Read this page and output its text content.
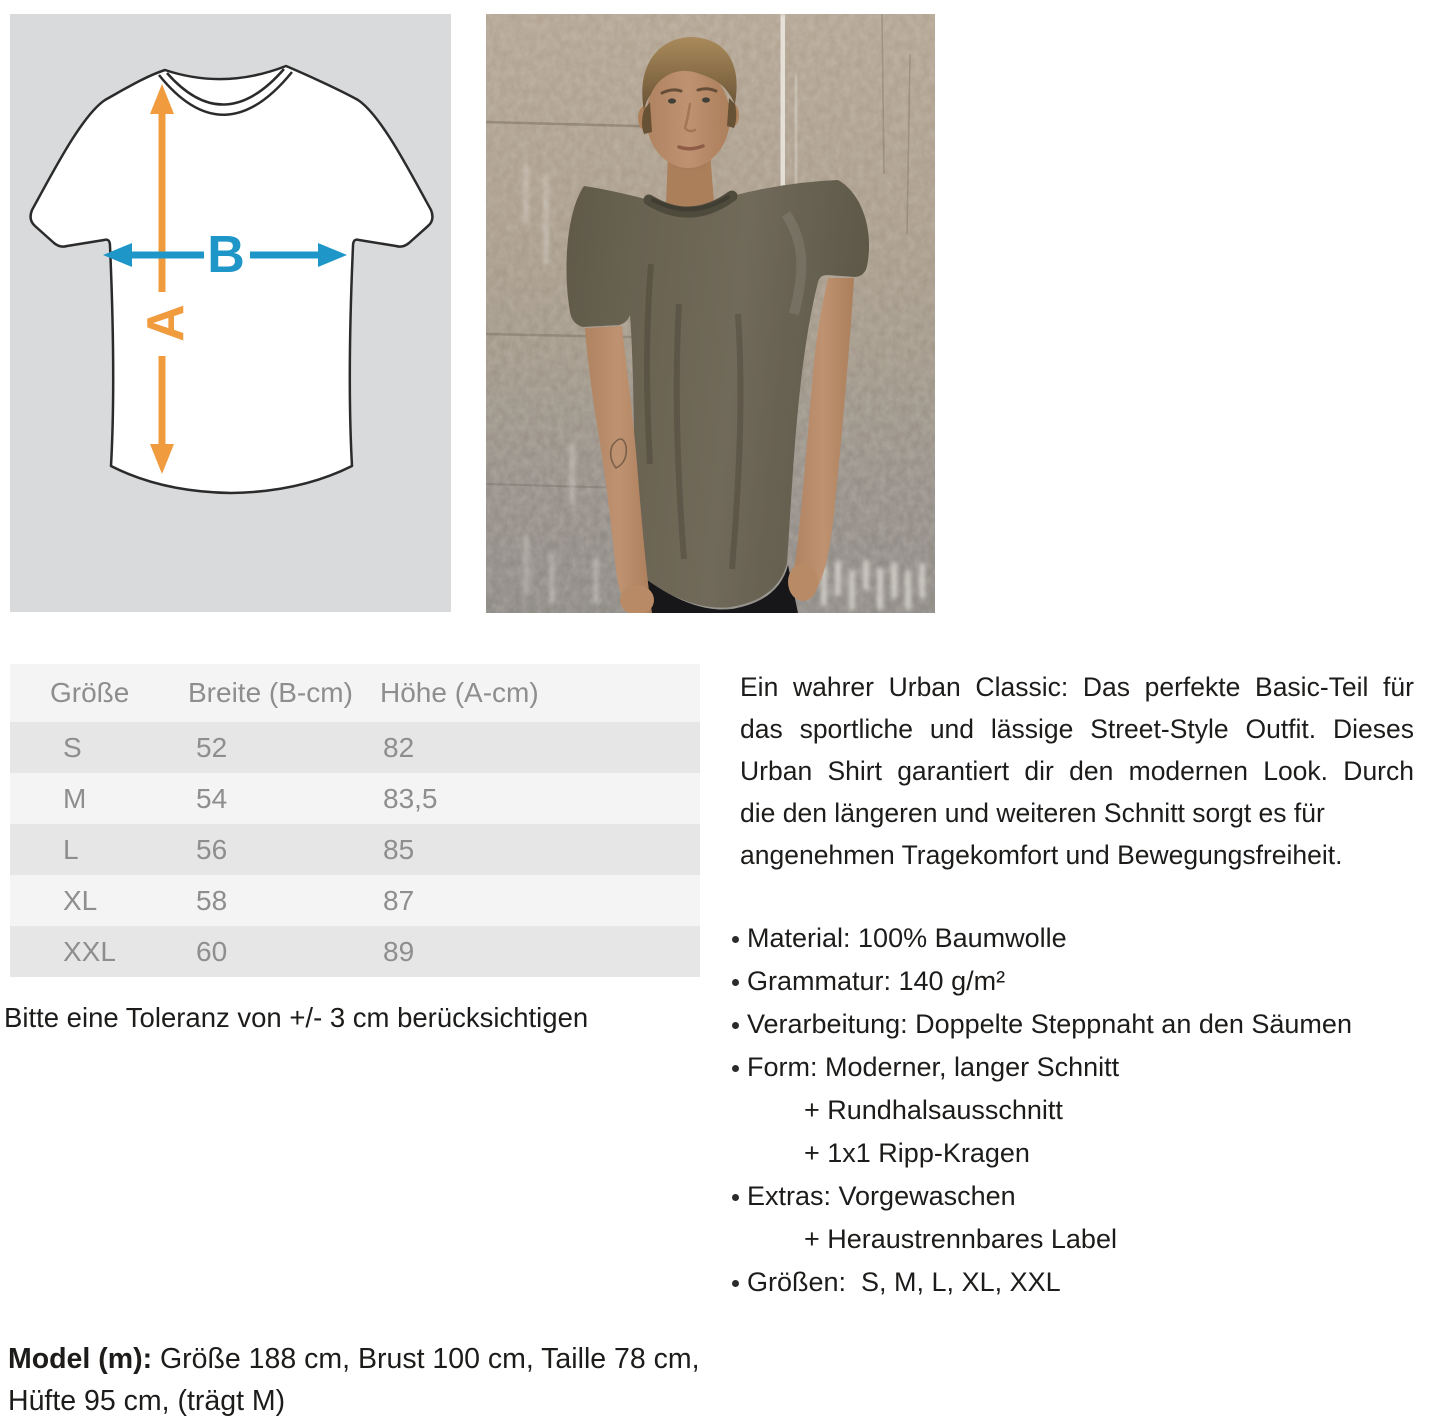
A
B
Größe	Breite (B-cm) Höhe (A-cm)
S	52	82
M	54	83,5
L	56	85
XL	58	87
XXL	60	89
Bitte eine Toleranz von +/- 3 cm berücksichtigen
Ein wahrer Urban Classic: Das perfekte Basic-Teil für
das sportliche und lässige Street-Style Outfit. Dieses
Urban Shirt garantiert dir den modernen Look. Durch
die den längeren und weiteren Schnitt sorgt es für
angenehmen Tragekomfort und Bewegungsfreiheit.
Material: 100% Baumwolle
Grammatur: 140 g/m²
Verarbeitung: Doppelte Steppnaht an den Säumen
Form: Moderner, langer Schnitt
+ Rundhalsausschnitt
+ 1x1 Ripp-Kragen
Extras: Vorgewaschen
+ Heraustrennbares Label
Größen:  S, M, L, XL, XXL
Model (m): Größe 188 cm, Brust 100 cm, Taille 78 cm,
Hüfte 95 cm, (trägt M)
